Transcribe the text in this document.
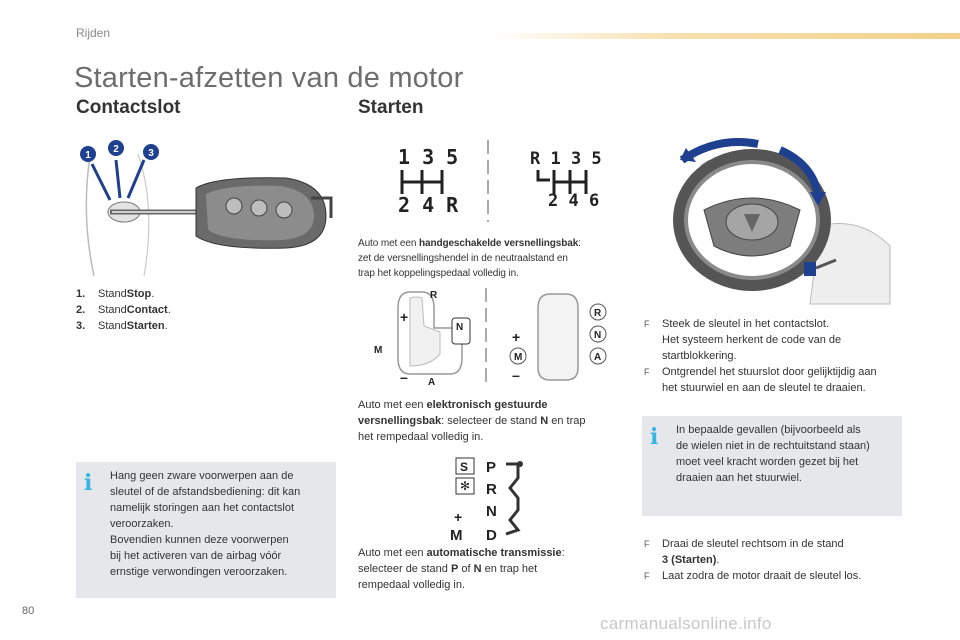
Rijden
Starten-afzetten van de motor
Contactslot
1
2	3
1.	Stand Stop .
2.	Stand Contact .
3.	Stand Starten .
i Hang geen zware voorwerpen aan de
sleutel of de afstandsbediening: dit kan
namelijk storingen aan het contactslot
veroorzaken.
Bovendien kunnen deze voorwerpen
bij het activeren van de airbag vóór
ernstige verwondingen veroorzaken.
Starten
1 3 5
2 4 R
R 1 3 5
2 4 6
Auto met een handgeschakelde versnellingsbak:
zet de versnellingshendel in de neutraalstand en
trap het koppelingspedaal volledig in.
R
A
M
+
–
N
R
N
A
M
+
–
Auto met een elektronisch gestuurde
versnellingsbak: selecteer de stand N en trap
het rempedaal volledig in.
S
✻
+
M
P
R
N
D
Auto met een automatische transmissie:
selecteer de stand P of N en trap het
rempedaal volledig in.
F	Steek de sleutel in het contactslot.
Het systeem herkent de code van de
startblokkering.
F	Ontgrendel het stuurslot door gelijktijdig aan
het stuurwiel en aan de sleutel te draaien.
i In bepaalde gevallen (bijvoorbeeld als
de wielen niet in de rechtuitstand staan)
moet veel kracht worden gezet bij het
draaien aan het stuurwiel.
F	Draai de sleutel rechtsom in de stand
3 (Starten).
F	Laat zodra de motor draait de sleutel los.
80
carmanualsonline.info
